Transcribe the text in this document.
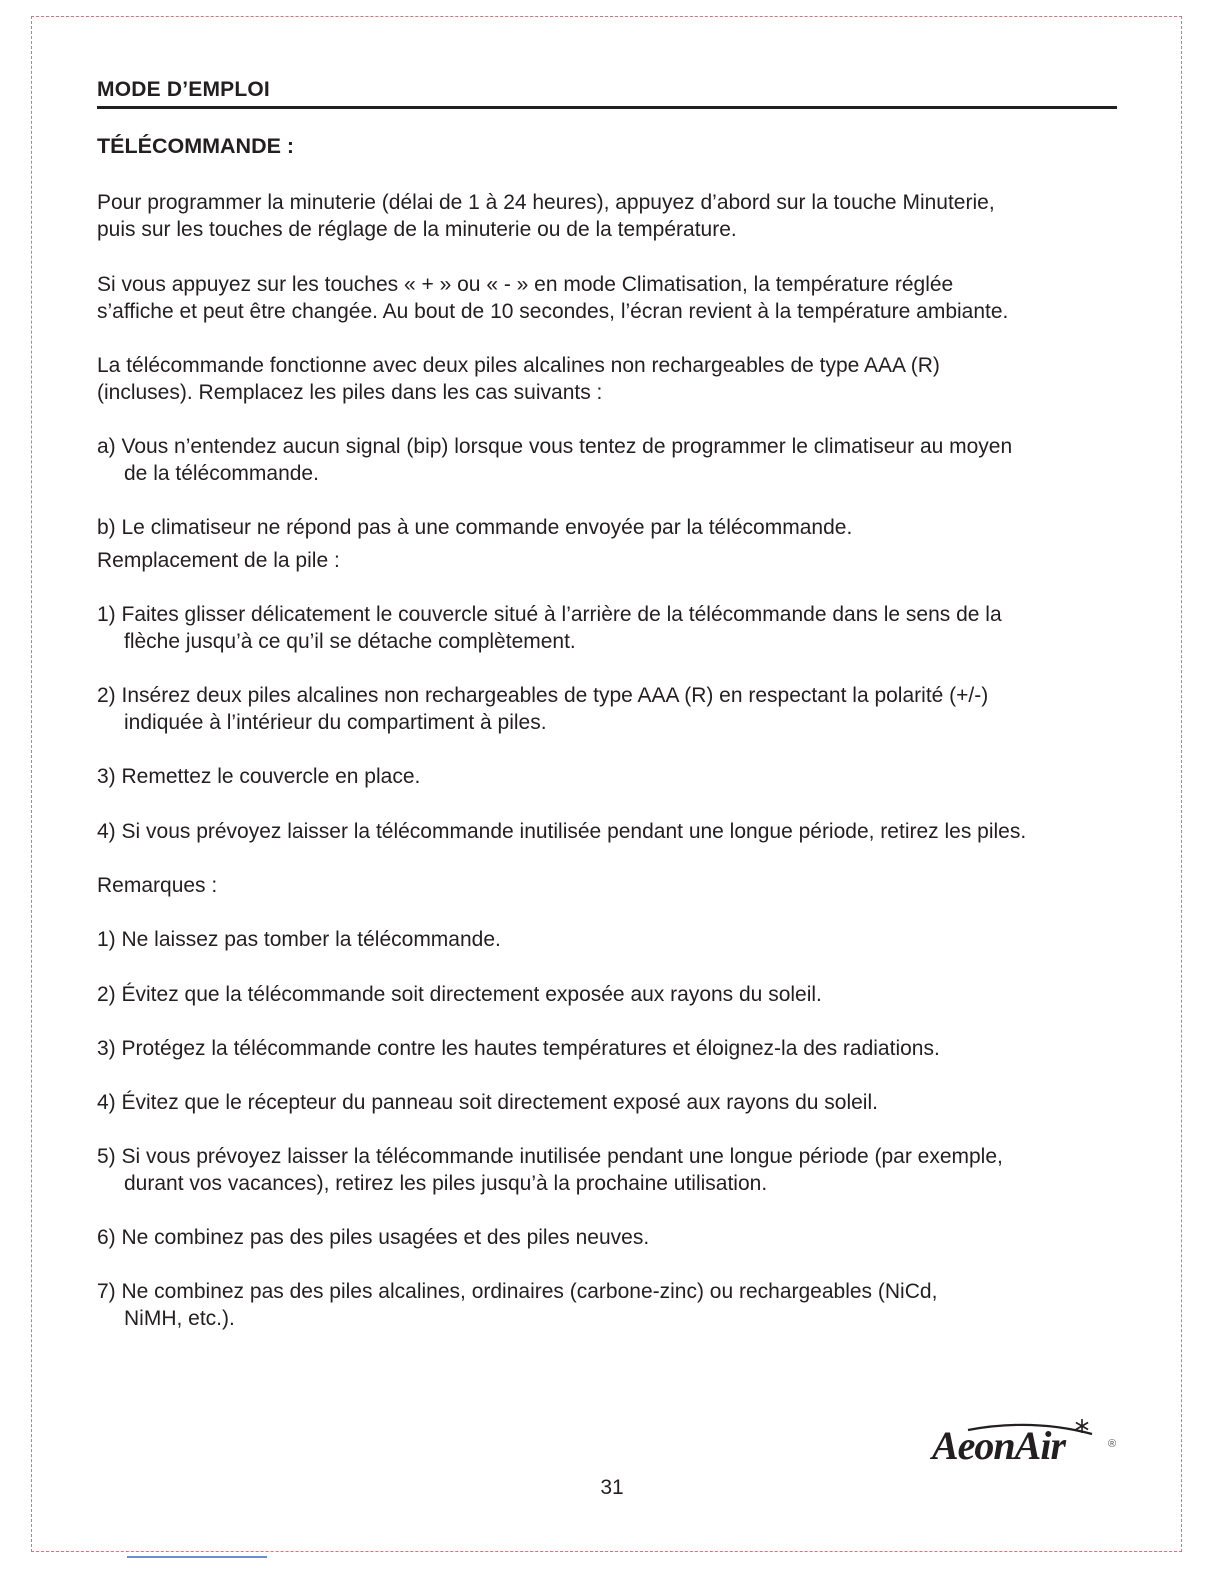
MODE D’EMPLOI
TÉLÉCOMMANDE :
Pour programmer la minuterie (délai de 1 à 24 heures), appuyez d’abord sur la touche Minuterie,
puis sur les touches de réglage de la minuterie ou de la température.
Si vous appuyez sur les touches « + » ou « - » en mode Climatisation, la température réglée
s’affiche et peut être changée. Au bout de 10 secondes, l’écran revient à la température ambiante.
La télécommande fonctionne avec deux piles alcalines non rechargeables de type AAA (R)
(incluses). Remplacez les piles dans les cas suivants :
a) Vous n’entendez aucun signal (bip) lorsque vous tentez de programmer le climatiseur au moyen
de la télécommande.
b) Le climatiseur ne répond pas à une commande envoyée par la télécommande.
Remplacement de la pile :
1) Faites glisser délicatement le couvercle situé à l’arrière de la télécommande dans le sens de la
flèche jusqu’à ce qu’il se détache complètement.
2) Insérez deux piles alcalines non rechargeables de type AAA (R) en respectant la polarité (+/-)
indiquée à l’intérieur du compartiment à piles.
3) Remettez le couvercle en place.
4) Si vous prévoyez laisser la télécommande inutilisée pendant une longue période, retirez les piles.
Remarques :
1) Ne laissez pas tomber la télécommande.
2) Évitez que la télécommande soit directement exposée aux rayons du soleil.
3) Protégez la télécommande contre les hautes températures et éloignez-la des radiations.
4) Évitez que le récepteur du panneau soit directement exposé aux rayons du soleil.
5) Si vous prévoyez laisser la télécommande inutilisée pendant une longue période (par exemple,
durant vos vacances), retirez les piles jusqu’à la prochaine utilisation.
6) Ne combinez pas des piles usagées et des piles neuves.
7) Ne combinez pas des piles alcalines, ordinaires (carbone-zinc) ou rechargeables (NiCd,
NiMH, etc.).
AeonAir	®
31
